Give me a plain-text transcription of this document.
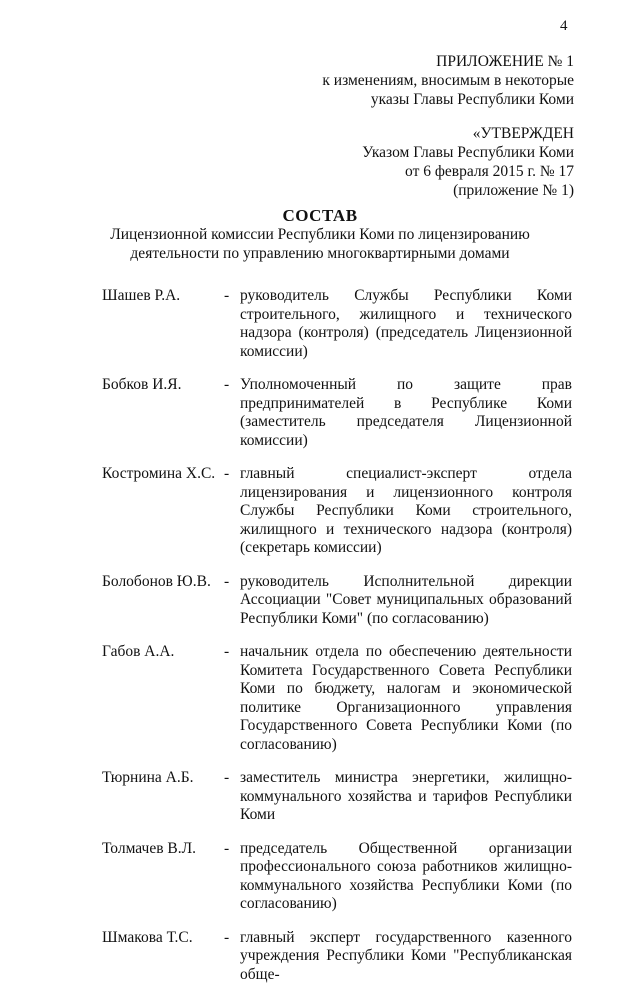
4
ПРИЛОЖЕНИЕ № 1
к изменениям, вносимым в некоторые
указы Главы Республики Коми
«УТВЕРЖДЕН
Указом Главы Республики Коми
от 6 февраля 2015 г. № 17
(приложение № 1)
СОСТАВ
Лицензионной комиссии Республики Коми по лицензированию
деятельности по управлению многоквартирными домами
Шашев Р.А.	- руководитель Службы Республики Коми строительного, жилищного и технического надзора (контроля) (председатель Лицензионной комиссии)
Бобков И.Я.	- Уполномоченный по защите прав предпринимателей в Республике Коми (заместитель председателя Лицензионной комиссии)
Костромина Х.С. - главный специалист-эксперт отдела лицензирования и лицензионного контроля Службы Республики Коми строительного, жилищного и технического надзора (контроля) (секретарь комиссии)
Болобонов Ю.В. - руководитель Исполнительной дирекции Ассоциации "Совет муниципальных образований Республики Коми" (по согласованию)
Габов А.А.	- начальник отдела по обеспечению деятельности Комитета Государственного Совета Республики Коми по бюджету, налогам и экономической политике Организационного управления Государственного Совета Республики Коми (по согласованию)
Тюрнина А.Б.	- заместитель министра энергетики, жилищно-коммунального хозяйства и тарифов Республики Коми
Толмачев В.Л.	- председатель Общественной организации профессионального союза работников жилищно-коммунального хозяйства Республики Коми (по согласованию)
Шмакова Т.С.	- главный эксперт государственного казенного учреждения Республики Коми "Республиканская обще-
